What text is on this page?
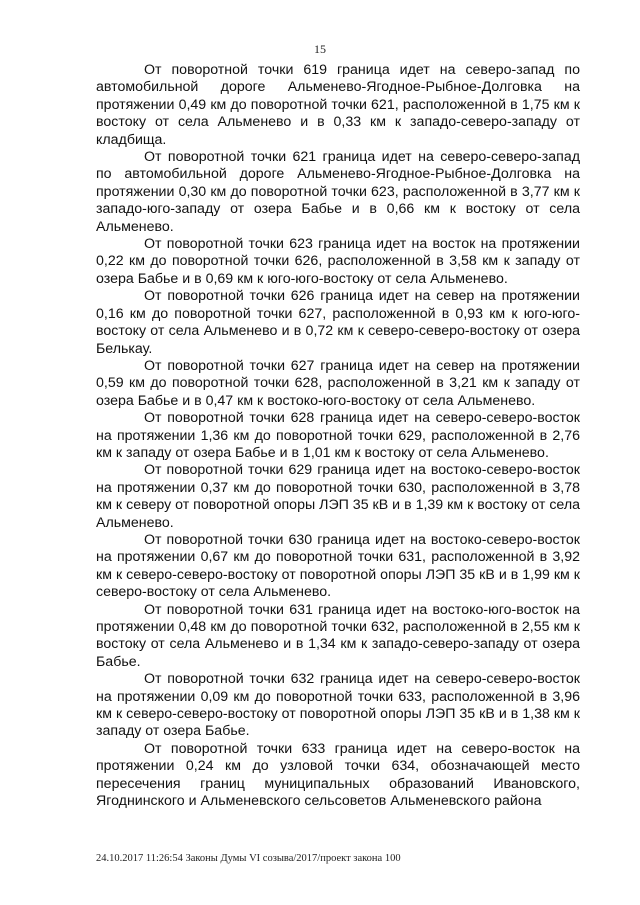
15

От поворотной точки 619 граница идет на северо-запад по автомобильной дороге Альменево-Ягодное-Рыбное-Долговка на протяжении 0,49 км до поворотной точки 621, расположенной в 1,75 км к востоку от села Альменево и в 0,33 км к западо-северо-западу от кладбища.

От поворотной точки 621 граница идет на северо-северо-запад по автомобильной дороге Альменево-Ягодное-Рыбное-Долговка на протяжении 0,30 км до поворотной точки 623, расположенной в 3,77 км к западо-юго-западу от озера Бабье и в 0,66 км к востоку от села Альменево.

От поворотной точки 623 граница идет на восток на протяжении 0,22 км до поворотной точки 626, расположенной в 3,58 км к западу от озера Бабье и в 0,69 км к юго-юго-востоку от села Альменево.

От поворотной точки 626 граница идет на север на протяжении 0,16 км до поворотной точки 627, расположенной в 0,93 км к юго-юго-востоку от села Альменево и в 0,72 км к северо-северо-востоку от озера Белькау.

От поворотной точки 627 граница идет на север на протяжении 0,59 км до поворотной точки 628, расположенной в 3,21 км к западу от озера Бабье и в 0,47 км к востоко-юго-востоку от села Альменево.

От поворотной точки 628 граница идет на северо-северо-восток на протяжении 1,36 км до поворотной точки 629, расположенной в 2,76 км к западу от озера Бабье и в 1,01 км к востоку от села Альменево.

От поворотной точки 629 граница идет на востоко-северо-восток на протяжении 0,37 км до поворотной точки 630, расположенной в 3,78 км к северу от поворотной опоры ЛЭП 35 кВ и в 1,39 км к востоку от села Альменево.

От поворотной точки 630 граница идет на востоко-северо-восток на протяжении 0,67 км до поворотной точки 631, расположенной в 3,92 км к северо-северо-востоку от поворотной опоры ЛЭП 35 кВ и в 1,99 км к северо-востоку от села Альменево.

От поворотной точки 631 граница идет на востоко-юго-восток на протяжении 0,48 км до поворотной точки 632, расположенной в 2,55 км к востоку от села Альменево и в 1,34 км к западо-северо-западу от озера Бабье.

От поворотной точки 632 граница идет на северо-северо-восток на протяжении 0,09 км до поворотной точки 633, расположенной в 3,96 км к северо-северо-востоку от поворотной опоры ЛЭП 35 кВ и в 1,38 км к западу от озера Бабье.

От поворотной точки 633 граница идет на северо-восток на протяжении 0,24 км до узловой точки 634, обозначающей место пересечения границ муниципальных образований Ивановского, Ягоднинского и Альменевского сельсоветов Альменевского района

24.10.2017 11:26:54 Законы Думы VI созыва/2017/проект закона 100
